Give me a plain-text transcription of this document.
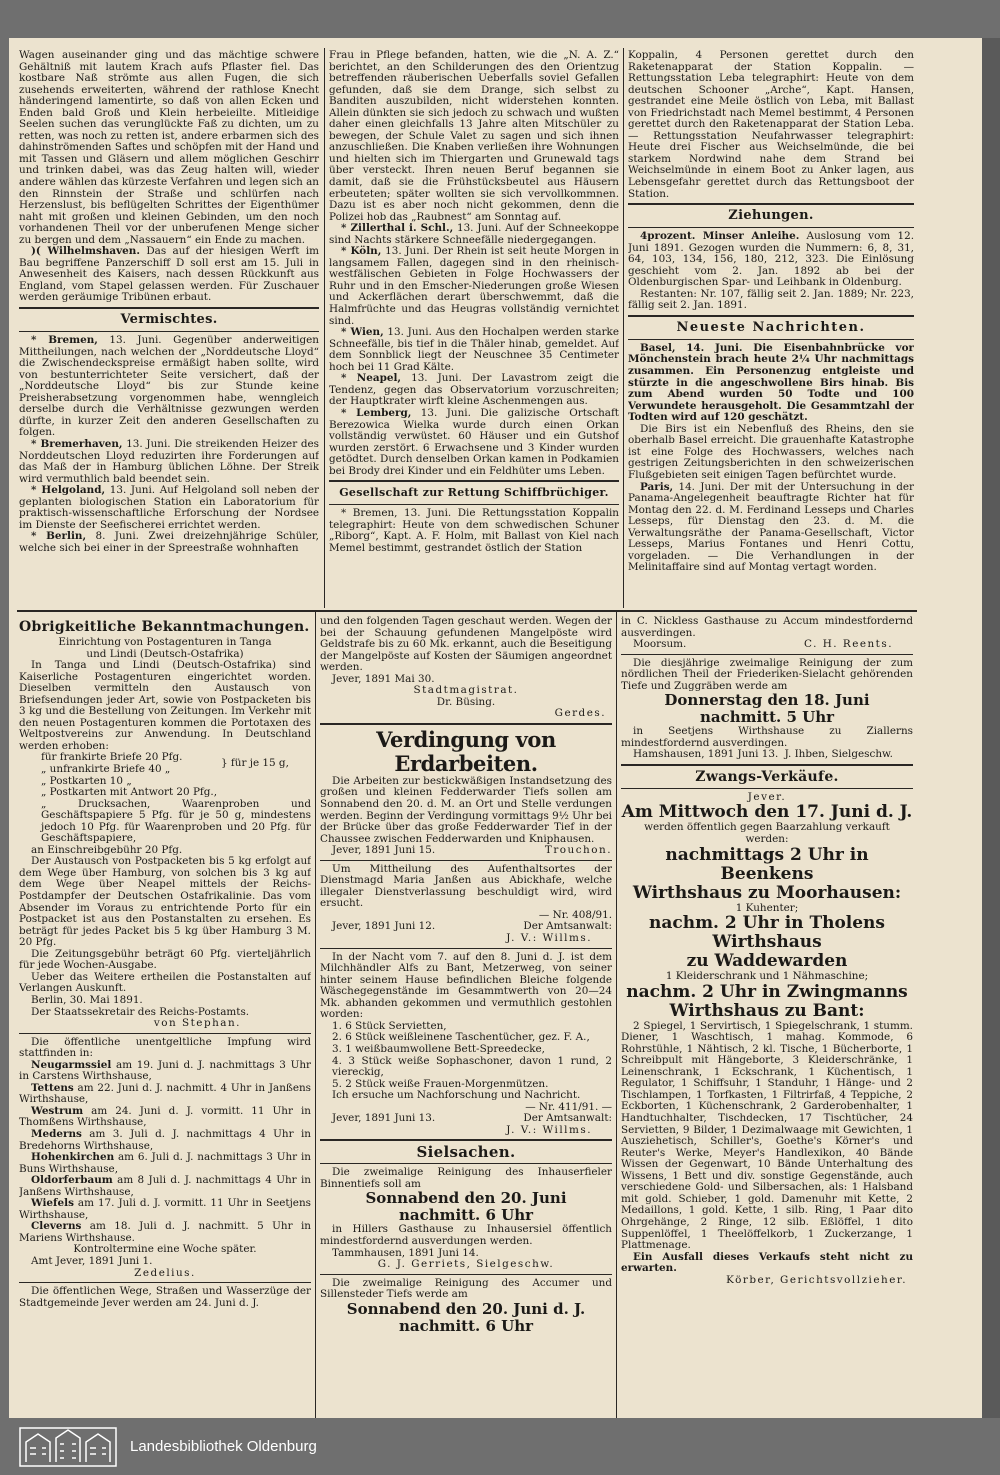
Wagen auseinander ging und das mächtige schwere Gehältniß mit lautem Krach aufs Pflaster fiel. Das kostbare Naß strömte aus allen Fugen, die sich zusehends erweiterten, während der rathlose Knecht händeringend lamentirte, so daß von allen Ecken und Enden bald Groß und Klein herbeieilte. Mitleidige Seelen suchen das verunglückte Faß zu dichten, um zu retten, was noch zu retten ist, andere erbarmen sich des dahinströmenden Saftes und schöpfen mit der Hand und mit Tassen und Gläsern und allem möglichen Geschirr und trinken dabei, was das Zeug halten will, wieder andere wählen das kürzeste Verfahren und legen sich an den Rinnstein der Straße und schlürfen nach Herzenslust, bis beflügelten Schrittes der Eigenthümer naht mit großen und kleinen Gebinden, um den noch vorhandenen Theil vor der unberufenen Menge sicher zu bergen und dem „Nassauern“ ein Ende zu machen.

)( Wilhelmshaven. Das auf der hiesigen Werft im Bau begriffene Panzerschiff D soll erst am 15. Juli in Anwesenheit des Kaisers, nach dessen Rückkunft aus England, vom Stapel gelassen werden. Für Zuschauer werden geräumige Tribünen erbaut.

Vermischtes.

* Bremen, 13. Juni. Gegenüber anderweitigen Mittheilungen, nach welchen der „Norddeutsche Lloyd“ die Zwischendeckspreise ermäßigt haben sollte, wird von bestunterrichteter Seite versichert, daß der „Norddeutsche Lloyd“ bis zur Stunde keine Preisherabsetzung vorgenommen habe, wenngleich derselbe durch die Verhältnisse gezwungen werden dürfte, in kurzer Zeit den anderen Gesellschaften zu folgen.

* Bremerhaven, 13. Juni. Die streikenden Heizer des Norddeutschen Lloyd reduzirten ihre Forderungen auf das Maß der in Hamburg üblichen Löhne. Der Streik wird vermuthlich bald beendet sein.

* Helgoland, 13. Juni. Auf Helgoland soll neben der geplanten biologischen Station ein Laboratorium für praktisch-wissenschaftliche Erforschung der Nordsee im Dienste der Seefischerei errichtet werden.

* Berlin, 8. Juni. Zwei dreizehnjährige Schüler, welche sich bei einer in der Spreestraße wohnhaften

Frau in Pflege befanden, hatten, wie die „N. A. Z.“ berichtet, an den Schilderungen des den Orientzug betreffenden räuberischen Ueberfalls soviel Gefallen gefunden, daß sie dem Drange, sich selbst zu Banditen auszubilden, nicht widerstehen konnten. Allein dünkten sie sich jedoch zu schwach und wußten daher einen gleichfalls 13 Jahre alten Mitschüler zu bewegen, der Schule Valet zu sagen und sich ihnen anzuschließen. Die Knaben verließen ihre Wohnungen und hielten sich im Thiergarten und Grunewald tags über versteckt. Ihren neuen Beruf begannen sie damit, daß sie die Frühstücksbeutel aus Häusern erbeuteten; später wollten sie sich vervollkommnen. Dazu ist es aber noch nicht gekommen, denn die Polizei hob das „Raubnest“ am Sonntag auf.

* Zillerthal i. Schl., 13. Juni. Auf der Schneekoppe sind Nachts stärkere Schneefälle niedergegangen.

* Köln, 13. Juni. Der Rhein ist seit heute Morgen in langsamem Fallen, dagegen sind in den rheinisch-westfälischen Gebieten in Folge Hochwassers der Ruhr und in den Emscher-Niederungen große Wiesen und Ackerflächen derart überschwemmt, daß die Halmfrüchte und das Heugras vollständig vernichtet sind.

* Wien, 13. Juni. Aus den Hochalpen werden starke Schneefälle, bis tief in die Thäler hinab, gemeldet. Auf dem Sonnblick liegt der Neuschnee 35 Centimeter hoch bei 11 Grad Kälte.

* Neapel, 13. Juni. Der Lavastrom zeigt die Tendenz, gegen das Observatorium vorzuschreiten; der Hauptkrater wirft kleine Aschenmengen aus.

* Lemberg, 13. Juni. Die galizische Ortschaft Berezowica Wielka wurde durch einen Orkan vollständig verwüstet. 60 Häuser und ein Gutshof wurden zerstört. 6 Erwachsene und 3 Kinder wurden getödtet. Durch denselben Orkan kamen in Podkamien bei Brody drei Kinder und ein Feldhüter ums Leben.

Gesellschaft zur Rettung Schiffbrüchiger.

* Bremen, 13. Juni. Die Rettungsstation Koppalin telegraphirt: Heute von dem schwedischen Schuner „Riborg“, Kapt. A. F. Holm, mit Ballast von Kiel nach Memel bestimmt, gestrandet östlich der Station

Koppalin, 4 Personen gerettet durch den Raketenapparat der Station Koppalin. — Rettungsstation Leba telegraphirt: Heute von dem deutschen Schooner „Arche“, Kapt. Hansen, gestrandet eine Meile östlich von Leba, mit Ballast von Friedrichstadt nach Memel bestimmt, 4 Personen gerettet durch den Raketenapparat der Station Leba. — Rettungsstation Neufahrwasser telegraphirt: Heute drei Fischer aus Weichselmünde, die bei starkem Nordwind nahe dem Strand bei Weichselmünde in einem Boot zu Anker lagen, aus Lebensgefahr gerettet durch das Rettungsboot der Station.

Ziehungen.

4prozent. Minser Anleihe. Auslosung vom 12. Juni 1891. Gezogen wurden die Nummern: 6, 8, 31, 64, 103, 134, 156, 180, 212, 323. Die Einlösung geschieht vom 2. Jan. 1892 ab bei der Oldenburgischen Spar- und Leihbank in Oldenburg.

Restanten: Nr. 107, fällig seit 2. Jan. 1889; Nr. 223, fällig seit 2. Jan. 1891.

Neueste Nachrichten.

Basel, 14. Juni. Die Eisenbahnbrücke vor Mönchenstein brach heute 2¼ Uhr nachmittags zusammen. Ein Personenzug entgleiste und stürzte in die angeschwollene Birs hinab. Bis zum Abend wurden 50 Todte und 100 Verwundete herausgeholt. Die Gesammtzahl der Todten wird auf 120 geschätzt.

Die Birs ist ein Nebenfluß des Rheins, den sie oberhalb Basel erreicht. Die grauenhafte Katastrophe ist eine Folge des Hochwassers, welches nach gestrigen Zeitungsberichten in den schweizerischen Flußgebieten seit einigen Tagen befürchtet wurde.

Paris, 14. Juni. Der mit der Untersuchung in der Panama-Angelegenheit beauftragte Richter hat für Montag den 22. d. M. Ferdinand Lesseps und Charles Lesseps, für Dienstag den 23. d. M. die Verwaltungsräthe der Panama-Gesellschaft, Victor Lesseps, Marius Fontanes und Henri Cottu, vorgeladen. — Die Verhandlungen in der Melinitaffaire sind auf Montag vertagt worden.

Obrigkeitliche Bekanntmachungen.

Einrichtung von Postagenturen in Tanga

und Lindi (Deutsch-Ostafrika)

In Tanga und Lindi (Deutsch-Ostafrika) sind Kaiserliche Postagenturen eingerichtet worden. Dieselben vermitteln den Austausch von Briefsendungen jeder Art, sowie von Postpacketen bis 3 kg und die Bestellung von Zeitungen. Im Verkehr mit den neuen Postagenturen kommen die Portotaxen des Weltpostvereins zur Anwendung. In Deutschland werden erhoben:

für frankirte Briefe 20 Pfg.	} für je 15 g,
„ unfrankirte Briefe 40 „
„ Postkarten 10 „
„ Postkarten mit Antwort 20 Pfg.,
„ Drucksachen, Waarenproben und Geschäftspapiere 5 Pfg. für je 50 g, mindestens jedoch 10 Pfg. für Waarenproben und 20 Pfg. für Geschäftspapiere,
an Einschreibgebühr 20 Pfg.

Der Austausch von Postpacketen bis 5 kg erfolgt auf dem Wege über Hamburg, von solchen bis 3 kg auf dem Wege über Neapel mittels der Reichs-Postdampfer der Deutschen Ostafrikalinie. Das vom Absender im Voraus zu entrichtende Porto für ein Postpacket ist aus den Postanstalten zu ersehen. Es beträgt für jedes Packet bis 5 kg über Hamburg 3 M. 20 Pfg.

Die Zeitungsgebühr beträgt 60 Pfg. vierteljährlich für jede Wochen-Ausgabe.

Ueber das Weitere ertheilen die Postanstalten auf Verlangen Auskunft.

Berlin, 30. Mai 1891.

Der Staatssekretair des Reichs-Postamts.

von Stephan.

Die öffentliche unentgeltliche Impfung wird stattfinden in:

Neugarmssiel am 19. Juni d. J. nachmittags 3 Uhr in Carstens Wirthshause,

Tettens am 22. Juni d. J. nachmitt. 4 Uhr in Janßens Wirthshause,

Westrum am 24. Juni d. J. vormitt. 11 Uhr in Thomßens Wirthshause,

Mederns am 3. Juli d. J. nachmittags 4 Uhr in Bredehorns Wirthshause,

Hohenkirchen am 6. Juli d. J. nachmittags 3 Uhr in Buns Wirthshause,

Oldorferbaum am 8 Juli d. J. nachmittags 4 Uhr in Janßens Wirthshause,

Wiefels am 17. Juli d. J. vormitt. 11 Uhr in Seetjens Wirthshause,

Cleverns am 18. Juli d. J. nachmitt. 5 Uhr in Mariens Wirthshause.

Kontroltermine eine Woche später.

Amt Jever, 1891 Juni 1.

Zedelius.

Die öffentlichen Wege, Straßen und Wasserzüge der Stadtgemeinde Jever werden am 24. Juni d. J.

und den folgenden Tagen geschaut werden. Wegen der bei der Schauung gefundenen Mangelpöste wird Geldstrafe bis zu 60 Mk. erkannt, auch die Beseitigung der Mangelpöste auf Kosten der Säumigen angeordnet werden.

Jever, 1891 Mai 30.

Stadtmagistrat.

Dr. Büsing.

Gerdes.

Verdingung von Erdarbeiten.

Die Arbeiten zur bestickwäßigen Instandsetzung des großen und kleinen Fedderwarder Tiefs sollen am Sonnabend den 20. d. M. an Ort und Stelle verdungen werden. Beginn der Verdingung vormittags 9½ Uhr bei der Brücke über das große Fedderwarder Tief in der Chaussee zwischen Fedderwarden und Kniphausen.

Jever, 1891 Juni 15.	Trouchon.

Um Mittheilung des Aufenthaltsortes der Dienstmagd Maria Janßen aus Abickhafe, welche illegaler Dienstverlassung beschuldigt wird, wird ersucht.

— Nr. 408/91.

Jever, 1891 Juni 12.	Der Amtsanwalt:

J. V.: Willms.

In der Nacht vom 7. auf den 8. Juni d. J. ist dem Milchhändler Alfs zu Bant, Metzerweg, von seiner hinter seinem Hause befindlichen Bleiche folgende Wäschegegenstände im Gesammtwerth von 20—24 Mk. abhanden gekommen und vermuthlich gestohlen worden:

1. 6 Stück Servietten,

2. 6 Stück weißleinene Taschentücher, gez. F. A.,

3. 1 weißbaumwollene Bett-Spreedecke,

4. 3 Stück weiße Sophaschoner, davon 1 rund, 2 viereckig,

5. 2 Stück weiße Frauen-Morgenmützen.

Ich ersuche um Nachforschung und Nachricht.

— Nr. 411/91. —

Jever, 1891 Juni 13.	Der Amtsanwalt:

J. V.: Willms.

Sielsachen.

Die zweimalige Reinigung des Inhauserfieler Binnentiefs soll am

Sonnabend den 20. Juni
nachmitt. 6 Uhr

in Hillers Gasthause zu Inhausersiel öffentlich mindestfordernd ausverdungen werden.

Tammhausen, 1891 Juni 14.

G. J. Gerriets, Sielgeschw.

Die zweimalige Reinigung des Accumer und Sillensteder Tiefs werde am

Sonnabend den 20. Juni d. J.
nachmitt. 6 Uhr

in C. Nickless Gasthause zu Accum mindestfordernd ausverdingen.

Moorsum.	C. H. Reents.

Die diesjährige zweimalige Reinigung der zum nördlichen Theil der Friederiken-Sielacht gehörenden Tiefe und Zuggräben werde am

Donnerstag den 18. Juni
nachmitt. 5 Uhr

in Seetjens Wirthshause zu Ziallerns mindestfordernd ausverdingen.

Hamshausen, 1891 Juni 13. J. Ihben, Sielgeschw.
Zwangs-Verkäufe.

Jever.

Am Mittwoch den 17. Juni d. J.

werden öffentlich gegen Baarzahlung verkauft werden:

nachmittags 2 Uhr in Beenkens
Wirthshaus zu Moorhausen:

1 Kuhenter;

nachm. 2 Uhr in Tholens Wirthshaus
zu Waddewarden

1 Kleiderschrank und 1 Nähmaschine;

nachm. 2 Uhr in Zwingmanns
Wirthshaus zu Bant:

2 Spiegel, 1 Servirtisch, 1 Spiegelschrank, 1 stumm. Diener, 1 Waschtisch, 1 mahag. Kommode, 6 Rohrstühle, 1 Nähtisch, 2 kl. Tische, 1 Bücherborte, 1 Schreibpult mit Hängeborte, 3 Kleiderschränke, 1 Leinenschrank, 1 Eckschrank, 1 Küchentisch, 1 Regulator, 1 Schiffsuhr, 1 Standuhr, 1 Hänge- und 2 Tischlampen, 1 Torfkasten, 1 Filtrirfaß, 4 Teppiche, 2 Eckborten, 1 Küchenschrank, 2 Garderobenhalter, 1 Handtuchhalter, Tischdecken, 17 Tischtücher, 24 Servietten, 9 Bilder, 1 Dezimalwaage mit Gewichten, 1 Ausziehetisch, Schiller's, Goethe's Körner's und Reuter's Werke, Meyer's Handlexikon, 40 Bände Wissen der Gegenwart, 10 Bände Unterhaltung des Wissens, 1 Bett und div. sonstige Gegenstände, auch verschiedene Gold- und Silbersachen, als: 1 Halsband mit gold. Schieber, 1 gold. Damenuhr mit Kette, 2 Medaillons, 1 gold. Kette, 1 silb. Ring, 1 Paar dito Ohrgehänge, 2 Ringe, 12 silb. Eßlöffel, 1 dito Suppenlöffel, 1 Theelöffelkorb, 1 Zuckerzange, 1 Plattmenage.

Ein Ausfall dieses Verkaufs steht nicht zu erwarten.

Körber, Gerichtsvollzieher.

Landesbibliothek Oldenburg
